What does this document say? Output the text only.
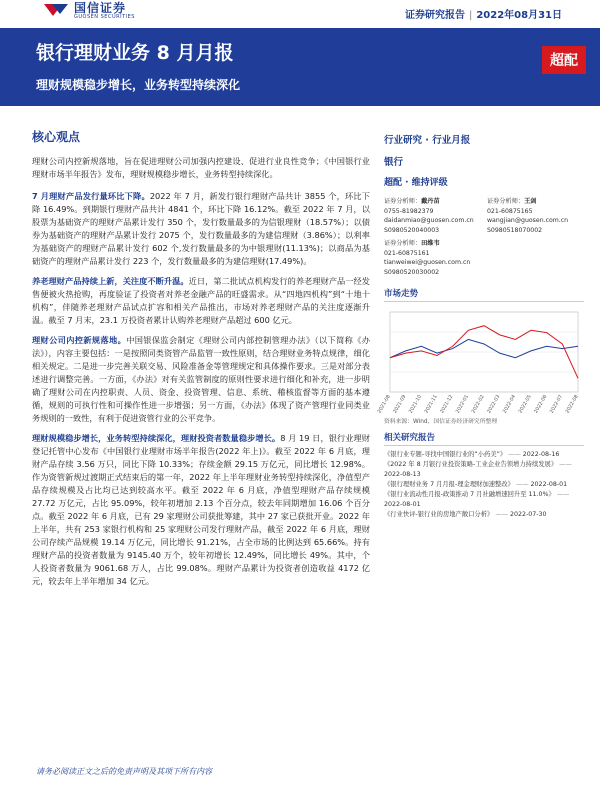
国信证券
GUOSEN SECURITIES	证券研究报告 | 2022年08月31日
银行理财业务 8 月月报
理财规模稳步增长，业务转型持续深化
超配
核心观点
理财公司内控新规落地，旨在促进理财公司加强内控建设、促进行业良性竞争；《中国银行业理财市场半年报告》发布，理财规模稳步增长，业务转型持续深化。
7 月理财产品发行量环比下降。2022 年 7 月，新发行银行理财产品共计 3855 个，环比下降 16.49%。到期银行理财产品共计 4841 个，环比下降 16.12%。截至 2022 年 7 月，以股票为基础资产的理财产品累计发行 350 个，发行数量最多的为信银理财（18.57%）；以债券为基础资产的理财产品累计发行 2075 个，发行数量最多的为建信理财（3.86%）；以利率为基础资产的理财产品累计发行 602 个,发行数量最多的为中银理财(11.13%)；以商品为基础资产的理财产品累计发行 223 个，发行数量最多的为建信理财(17.49%)。
养老理财产品持续上新，关注度不断升温。近日，第二批试点机构发行的养老理财产品一经发售便被火热抢购，再度验证了投资者对养老金融产品的旺盛需求。从“四地四机构”到“十地十机构”，伴随养老理财产品试点扩容和相关产品推出，市场对养老理财产品的关注度逐渐升温。截至 7 月末，23.1 万投资者累计认购养老理财产品超过 600 亿元。
理财公司内控新规落地。中国银保监会制定《理财公司内部控制管理办法》（以下简称《办法》），内容主要包括：一是按照同类资管产品监管一致性原则，结合理财业务特点规律，细化相关规定。二是进一步完善关联交易、风险准备金等管理规定和具体操作要求。三是对部分表述进行调整完善。一方面，《办法》对有关监管制度的原则性要求进行细化和补充，进一步明确了理财公司在内控职责、人员、资金、投资管理、信息、系统、稽核监督等方面的基本遵循，规则的可执行性和可操作性进一步增强；另一方面，《办法》体现了资产管理行业同类业务规则的一致性，有利于促进资管行业的公平竞争。
理财规模稳步增长，业务转型持续深化，理财投资者数量稳步增长。8 月 19 日，银行业理财登记托管中心发布《中国银行业理财市场半年报告(2022 年上)》。截至 2022 年 6 月底，理财产品存续 3.56 万只，同比下降 10.33%；存续金额 29.15 万亿元，同比增长 12.98%。作为资管新规过渡期正式结束后的第一年，2022 年上半年理财业务转型持续深化，净值型产品存续规模及占比均已达到较高水平。截至 2022 年 6 月底，净值型理财产品存续规模 27.72 万亿元，占比 95.09%，较年初增加 2.13 个百分点，较去年同期增加 16.06 个百分点。截至 2022 年 6 月底，已有 29 家理财公司获批筹建，其中 27 家已获批开业。2022 年上半年，共有 253 家银行机构和 25 家理财公司发行理财产品，截至 2022 年 6 月底，理财公司存续产品规模 19.14 万亿元，同比增长 91.21%，占全市场的比例达到 65.66%。持有理财产品的投资者数量为 9145.40 万个，较年初增长 12.49%，同比增长 49%。其中，个人投资者数量为 9061.68 万人，占比 99.08%。理财产品累计为投资者创造收益 4172 亿元，较去年上半年增加 34 亿元。
行业研究 · 行业月报
银行
超配 · 维持评级
证券分析师：戴丹苗
0755-81982379
daidanmiao@guosen.com.cn
S0980520040003
证券分析师：王剑
021-60875165
wangjian@guosen.com.cn
S0980518070002
证券分析师：田维韦
021-60875161
tianweiwei@guosen.com.cn
S0980520030002
市场走势
2021-08 2021-09 2021-10 2021-11 2021-12 2022-01 2022-02 2022-03 2022-04 2022-05 2022-06 2022-07 2022-08
资料来源：Wind、国信证券经济研究所整理
相关研究报告
《银行业专题-寻找中国银行业的“小药美”》 —— 2022-08-16
《2022 年 8 月银行业投资策略-工业企业告领增力持续发展》 —— 2022-08-13
《银行理财业务 7 月月报-理金理财加速整改》 —— 2022-08-01
《银行业流动性月报-政策推动 7 月社融增速回升至 11.0%》 —— 2022-08-01
《行业快评-银行业的房地产敞口分析》 —— 2022-07-30
请务必阅读正文之后的免责声明及其项下所有内容
